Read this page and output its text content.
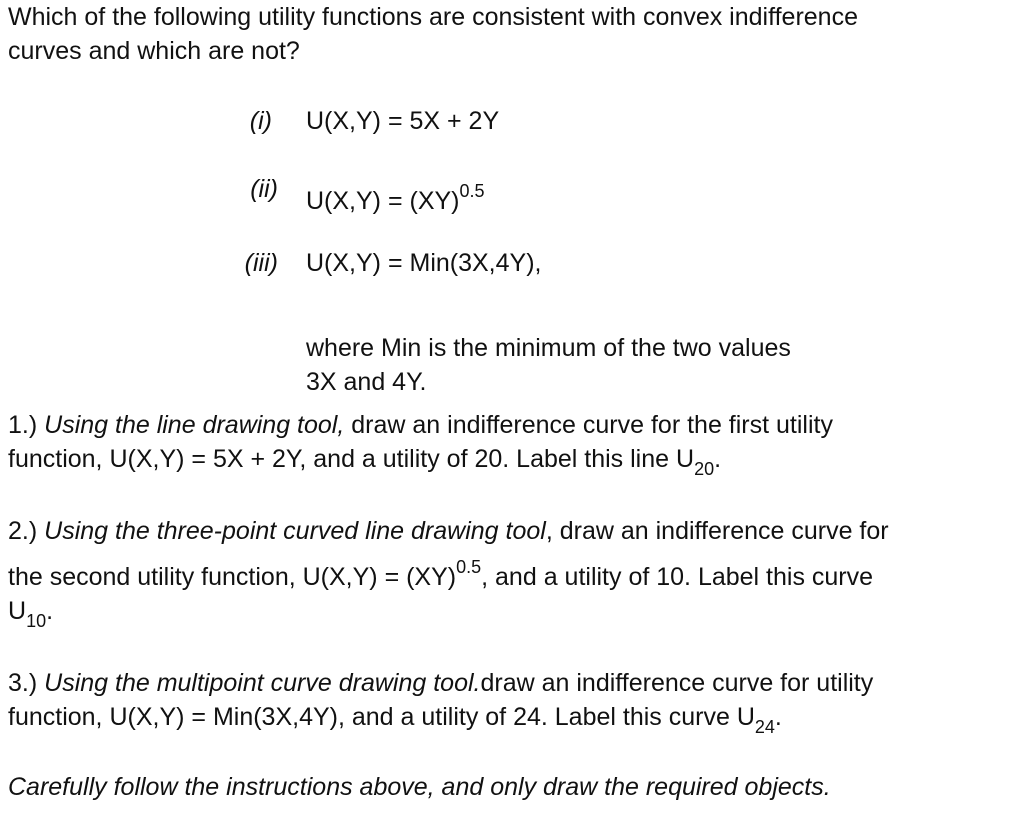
Which of the following utility functions are consistent with convex indifference
curves and which are not?

(i) U(X,Y) = 5X + 2Y
(ii) U(X,Y) = (XY)$^{0.5}$
(iii) U(X,Y) = Min(3X,4Y),

where Min is the minimum of the two values
3X and 4Y.

1.) Using the line drawing tool, draw an indifference curve for the first utility
function, U(X,Y) = 5X + 2Y, and a utility of 20. Label this line $U_{20}$.

2.) Using the three-point curved line drawing tool, draw an indifference curve for
the second utility function, U(X,Y) = (XY)$^{0.5}$, and a utility of 10. Label this curve
$U_{10}$.

3.) Using the multipoint curve drawing tool.draw an indifference curve for utility
function, U(X,Y) = Min(3X,4Y), and a utility of 24. Label this curve $U_{24}$.

Carefully follow the instructions above, and only draw the required objects.
